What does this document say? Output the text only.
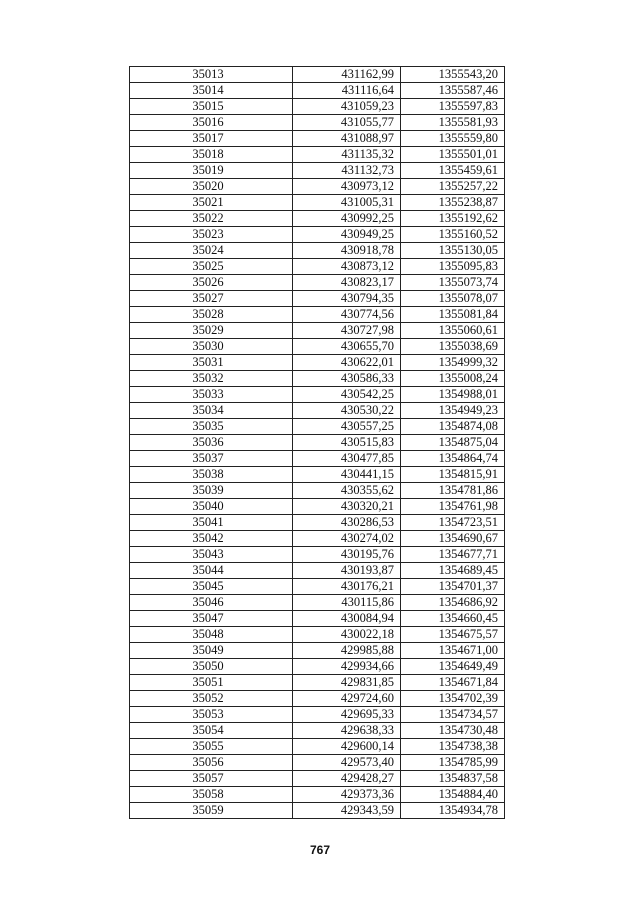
35013	431162,99	1355543,20
35014	431116,64	1355587,46
35015	431059,23	1355597,83
35016	431055,77	1355581,93
35017	431088,97	1355559,80
35018	431135,32	1355501,01
35019	431132,73	1355459,61
35020	430973,12	1355257,22
35021	431005,31	1355238,87
35022	430992,25	1355192,62
35023	430949,25	1355160,52
35024	430918,78	1355130,05
35025	430873,12	1355095,83
35026	430823,17	1355073,74
35027	430794,35	1355078,07
35028	430774,56	1355081,84
35029	430727,98	1355060,61
35030	430655,70	1355038,69
35031	430622,01	1354999,32
35032	430586,33	1355008,24
35033	430542,25	1354988,01
35034	430530,22	1354949,23
35035	430557,25	1354874,08
35036	430515,83	1354875,04
35037	430477,85	1354864,74
35038	430441,15	1354815,91
35039	430355,62	1354781,86
35040	430320,21	1354761,98
35041	430286,53	1354723,51
35042	430274,02	1354690,67
35043	430195,76	1354677,71
35044	430193,87	1354689,45
35045	430176,21	1354701,37
35046	430115,86	1354686,92
35047	430084,94	1354660,45
35048	430022,18	1354675,57
35049	429985,88	1354671,00
35050	429934,66	1354649,49
35051	429831,85	1354671,84
35052	429724,60	1354702,39
35053	429695,33	1354734,57
35054	429638,33	1354730,48
35055	429600,14	1354738,38
35056	429573,40	1354785,99
35057	429428,27	1354837,58
35058	429373,36	1354884,40
35059	429343,59	1354934,78
767
